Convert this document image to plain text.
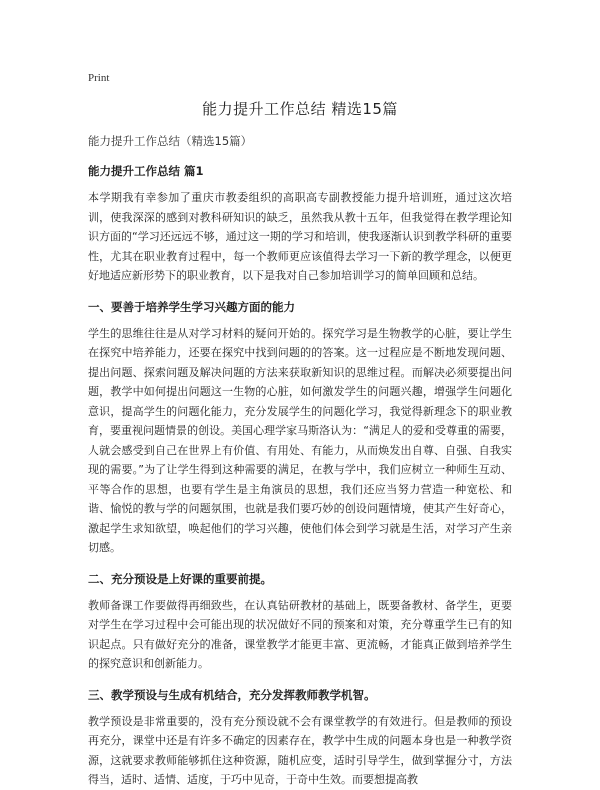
Print

能力提升工作总结 精选15篇

能力提升工作总结（精选15篇）

能力提升工作总结 篇1

本学期我有幸参加了重庆市教委组织的高职高专副教授能力提升培训班，通过这次培训，使我深深的感到对教科研知识的缺乏，虽然我从教十五年，但我觉得在教学理论知识方面的“学习还远远不够，通过这一期的学习和培训，使我逐渐认识到教学科研的重要性，尤其在职业教育过程中，每一个教师更应该值得去学习一下新的教学理念，以便更好地适应新形势下的职业教育，以下是我对自己参加培训学习的简单回顾和总结。

一、要善于培养学生学习兴趣方面的能力

学生的思维往往是从对学习材料的疑问开始的。探究学习是生物教学的心脏，要让学生在探究中培养能力，还要在探究中找到问题的的答案。这一过程应是不断地发现问题、提出问题、探索问题及解决问题的方法来获取新知识的思维过程。而解决必须要提出问题，教学中如何提出问题这一生物的心脏，如何激发学生的问题兴趣，增强学生问题化意识，提高学生的问题化能力，充分发展学生的问题化学习，我觉得新理念下的职业教育，要重视问题情景的创设。美国心理学家马斯洛认为：“满足人的爱和受尊重的需要，人就会感受到自己在世界上有价值、有用处、有能力，从而焕发出自尊、自强、自我实现的需要。”为了让学生得到这种需要的满足，在教与学中，我们应树立一种师生互动、平等合作的思想，也要有学生是主角演员的思想，我们还应当努力营造一种宽松、和谐、愉悦的教与学的问题氛围，也就是我们要巧妙的创设问题情境，使其产生好奇心，激起学生求知欲望，唤起他们的学习兴趣，使他们体会到学习就是生活，对学习产生亲切感。

二、充分预设是上好课的重要前提。

教师备课工作要做得再细致些，在认真钻研教材的基础上，既要备教材、备学生，更要对学生在学习过程中会可能出现的状况做好不同的预案和对策，充分尊重学生已有的知识起点。只有做好充分的准备，课堂教学才能更丰富、更流畅，才能真正做到培养学生的探究意识和创新能力。

三、教学预设与生成有机结合，充分发挥教师教学机智。

教学预设是非常重要的，没有充分预设就不会有课堂教学的有效进行。但是教师的预设再充分，课堂中还是有许多不确定的因素存在，教学中生成的问题本身也是一种教学资源，这就要求教师能够抓住这种资源，随机应变，适时引导学生，做到掌握分寸，方法得当，适时、适情、适度，于巧中见奇，于奇中生效。而要想提高教
